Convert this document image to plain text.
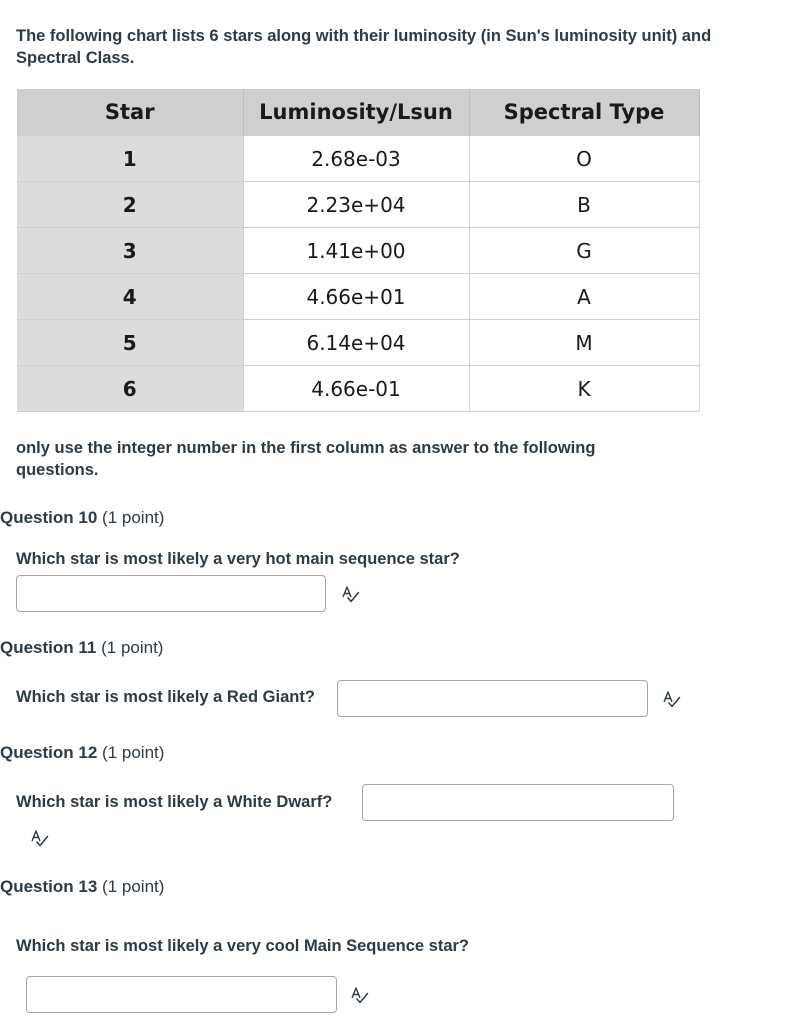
The following chart lists 6 stars along with their luminosity (in Sun's luminosity unit) and Spectral Class.
Star	Luminosity/Lsun	Spectral Type
1	2.68e-03	O
2	2.23e+04	B
3	1.41e+00	G
4	4.66e+01	A
5	6.14e+04	M
6	4.66e-01	K
only use the integer number in the first column as answer to the following questions.
Question 10 (1 point)
Which star is most likely a very hot main sequence star?
Question 11 (1 point)
Which star is most likely a Red Giant?
Question 12 (1 point)
Which star is most likely a White Dwarf?
Question 13 (1 point)
Which star is most likely a very cool Main Sequence star?
